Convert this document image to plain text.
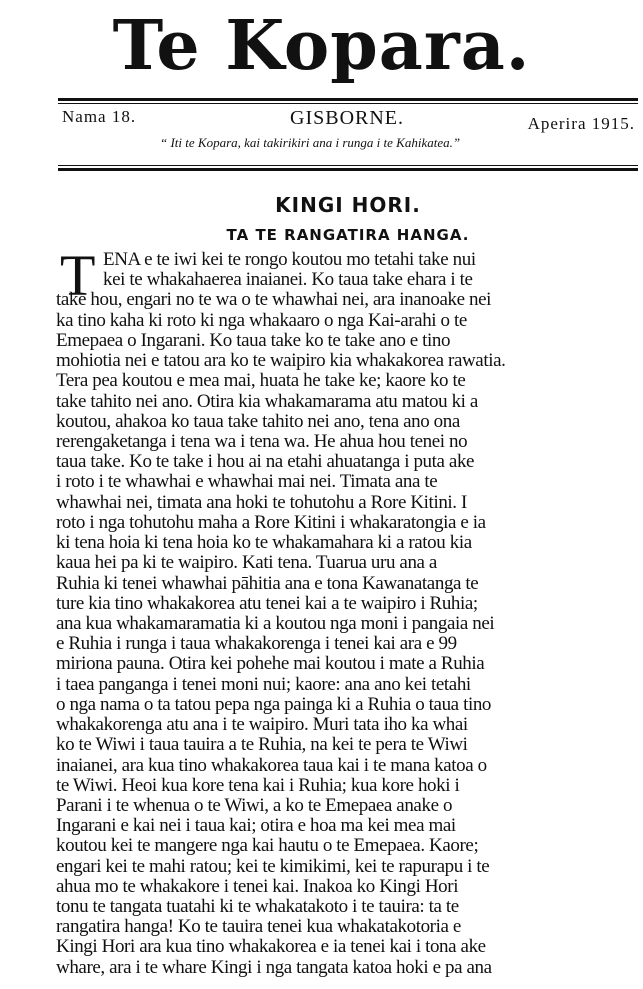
Te Kopara.
Nama 18.	GISBORNE.	Aperira 1915.
“ Iti te Kopara, kai takirikiri ana i runga i te Kahikatea.”
KINGI HORI.
TA TE RANGATIRA HANGA.
T ENA e te iwi kei te rongo koutou mo tetahi take nui
kei te whakahaerea inaianei. Ko taua take ehara i te
take hou, engari no te wa o te whawhai nei, ara inanoake nei
ka tino kaha ki roto ki nga whakaaro o nga Kai-arahi o te
Emepaea o Ingarani. Ko taua take ko te take ano e tino
mohiotia nei e tatou ara ko te waipiro kia whakakorea rawatia.
Tera pea koutou e mea mai, huata he take ke; kaore ko te
take tahito nei ano. Otira kia whakamarama atu matou ki a
koutou, ahakoa ko taua take tahito nei ano, tena ano ona
rerengaketanga i tena wa i tena wa. He ahua hou tenei no
taua take. Ko te take i hou ai na etahi ahuatanga i puta ake
i roto i te whawhai e whawhai mai nei. Timata ana te
whawhai nei, timata ana hoki te tohutohu a Rore Kitini. I
roto i nga tohutohu maha a Rore Kitini i whakaratongia e ia
ki tena hoia ki tena hoia ko te whakamahara ki a ratou kia
kaua hei pa ki te waipiro. Kati tena. Tuarua uru ana a
Ruhia ki tenei whawhai pāhitia ana e tona Kawanatanga te
ture kia tino whakakorea atu tenei kai a te waipiro i Ruhia;
ana kua whakamaramatia ki a koutou nga moni i pangaia nei
e Ruhia i runga i taua whakakorenga i tenei kai ara e 99
miriona pauna. Otira kei pohehe mai koutou i mate a Ruhia
i taea panganga i tenei moni nui; kaore: ana ano kei tetahi
o nga nama o ta tatou pepa nga painga ki a Ruhia o taua tino
whakakorenga atu ana i te waipiro. Muri tata iho ka whai
ko te Wiwi i taua tauira a te Ruhia, na kei te pera te Wiwi
inaianei, ara kua tino whakakorea taua kai i te mana katoa o
te Wiwi. Heoi kua kore tena kai i Ruhia; kua kore hoki i
Parani i te whenua o te Wiwi, a ko te Emepaea anake o
Ingarani e kai nei i taua kai; otira e hoa ma kei mea mai
koutou kei te mangere nga kai hautu o te Emepaea. Kaore;
engari kei te mahi ratou; kei te kimikimi, kei te rapurapu i te
ahua mo te whakakore i tenei kai. Inakoa ko Kingi Hori
tonu te tangata tuatahi ki te whakatakoto i te tauira: ta te
rangatira hanga! Ko te tauira tenei kua whakatakotoria e
Kingi Hori ara kua tino whakakorea e ia tenei kai i tona ake
whare, ara i te whare Kingi i nga tangata katoa hoki e pa ana
